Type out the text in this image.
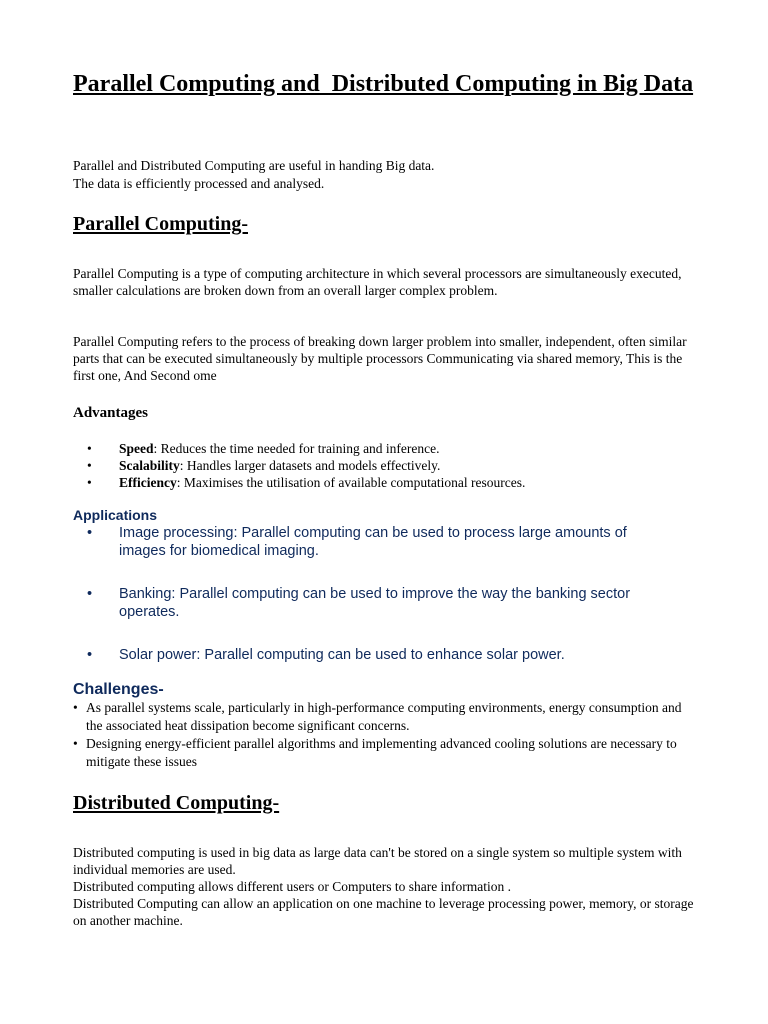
Parallel Computing and  Distributed Computing in Big Data

Parallel and Distributed Computing are useful in handing Big data.

The data is efficiently processed and analysed.

Parallel Computing-

Parallel Computing is a type of computing architecture in which several processors are simultaneously executed, smaller calculations are broken down from an overall larger complex problem.

Parallel Computing refers to the process of breaking down larger problem into smaller, independent, often similar parts that can be executed simultaneously by multiple processors Communicating via shared memory, This is the first one, And Second ome

Advantages
• Speed: Reduces the time needed for training and inference.
• Scalability: Handles larger datasets and models effectively.
• Efficiency: Maximises the utilisation of available computational resources.
Applications
•	Image processing: Parallel computing can be used to process large amounts of images for biomedical imaging.
•	Banking: Parallel computing can be used to improve the way the banking sector operates.
•	Solar power: Parallel computing can be used to enhance solar power.
Challenges-
• As parallel systems scale, particularly in high-performance computing environments, energy consumption and the associated heat dissipation become significant concerns.
• Designing energy-efficient parallel algorithms and implementing advanced cooling solutions are necessary to mitigate these issues
Distributed Computing-

Distributed computing is used in big data as large data can't be stored on a single system so multiple system with individual memories are used.

Distributed computing allows different users or Computers to share information .

Distributed Computing can allow an application on one machine to leverage processing power, memory, or storage on another machine.
